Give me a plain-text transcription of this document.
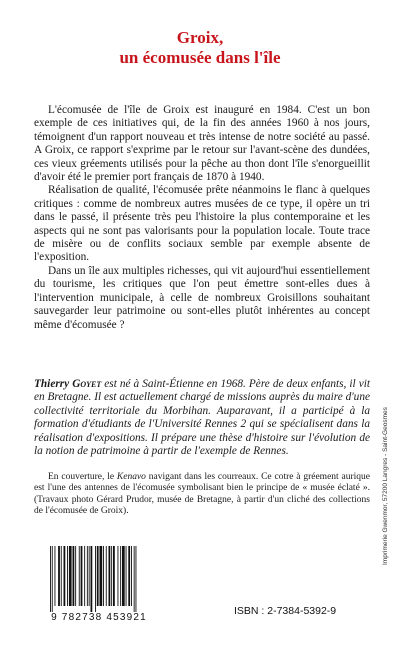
Groix,
un écomusée dans l'île

L'écomusée de l'île de Groix est inauguré en 1984. C'est un bon exemple de ces initiatives qui, de la fin des années 1960 à nos jours, témoignent d'un rapport nouveau et très intense de notre société au passé. A Groix, ce rapport s'exprime par le retour sur l'avant-scène des dundées, ces vieux gréements utilisés pour la pêche au thon dont l'île s'enorgueillit d'avoir été le premier port français de 1870 à 1940.

Réalisation de qualité, l'écomusée prête néanmoins le flanc à quelques critiques : comme de nombreux autres musées de ce type, il opère un tri dans le passé, il présente très peu l'histoire la plus contemporaine et les aspects qui ne sont pas valorisants pour la population locale. Toute trace de misère ou de conflits sociaux semble par exemple absente de l'exposition.

Dans un île aux multiples richesses, qui vit aujourd'hui essentiellement du tourisme, les critiques que l'on peut émettre sont-elles dues à l'intervention municipale, à celle de nombreux Groisillons souhaitant sauvegarder leur patrimoine ou sont-elles plutôt inhérentes au concept même d'écomusée ?

Thierry Goyet est né à Saint-Étienne en 1968. Père de deux enfants, il vit en Bretagne. Il est actuellement chargé de missions auprès du maire d'une collectivité territoriale du Morbihan. Auparavant, il a participé à la formation d'étudiants de l'Université Rennes 2 qui se spécialisent dans la réalisation d'expositions. Il prépare une thèse d'histoire sur l'évolution de la notion de patrimoine à partir de l'exemple de Rennes.

En couverture, le Kenavo navigant dans les courreaux. Ce cotre à gréement aurique est l'une des antennes de l'écomusée symbolisant bien le principe de « musée éclaté ». (Travaux photo Gérard Prudor, musée de Bretagne, à partir d'un cliché des collections de l'écomusée de Groix).	Imprimerie Gwenmor, 57200 Langres - Saint-Geosmes
9 782738 453921
ISBN : 2-7384-5392-9
